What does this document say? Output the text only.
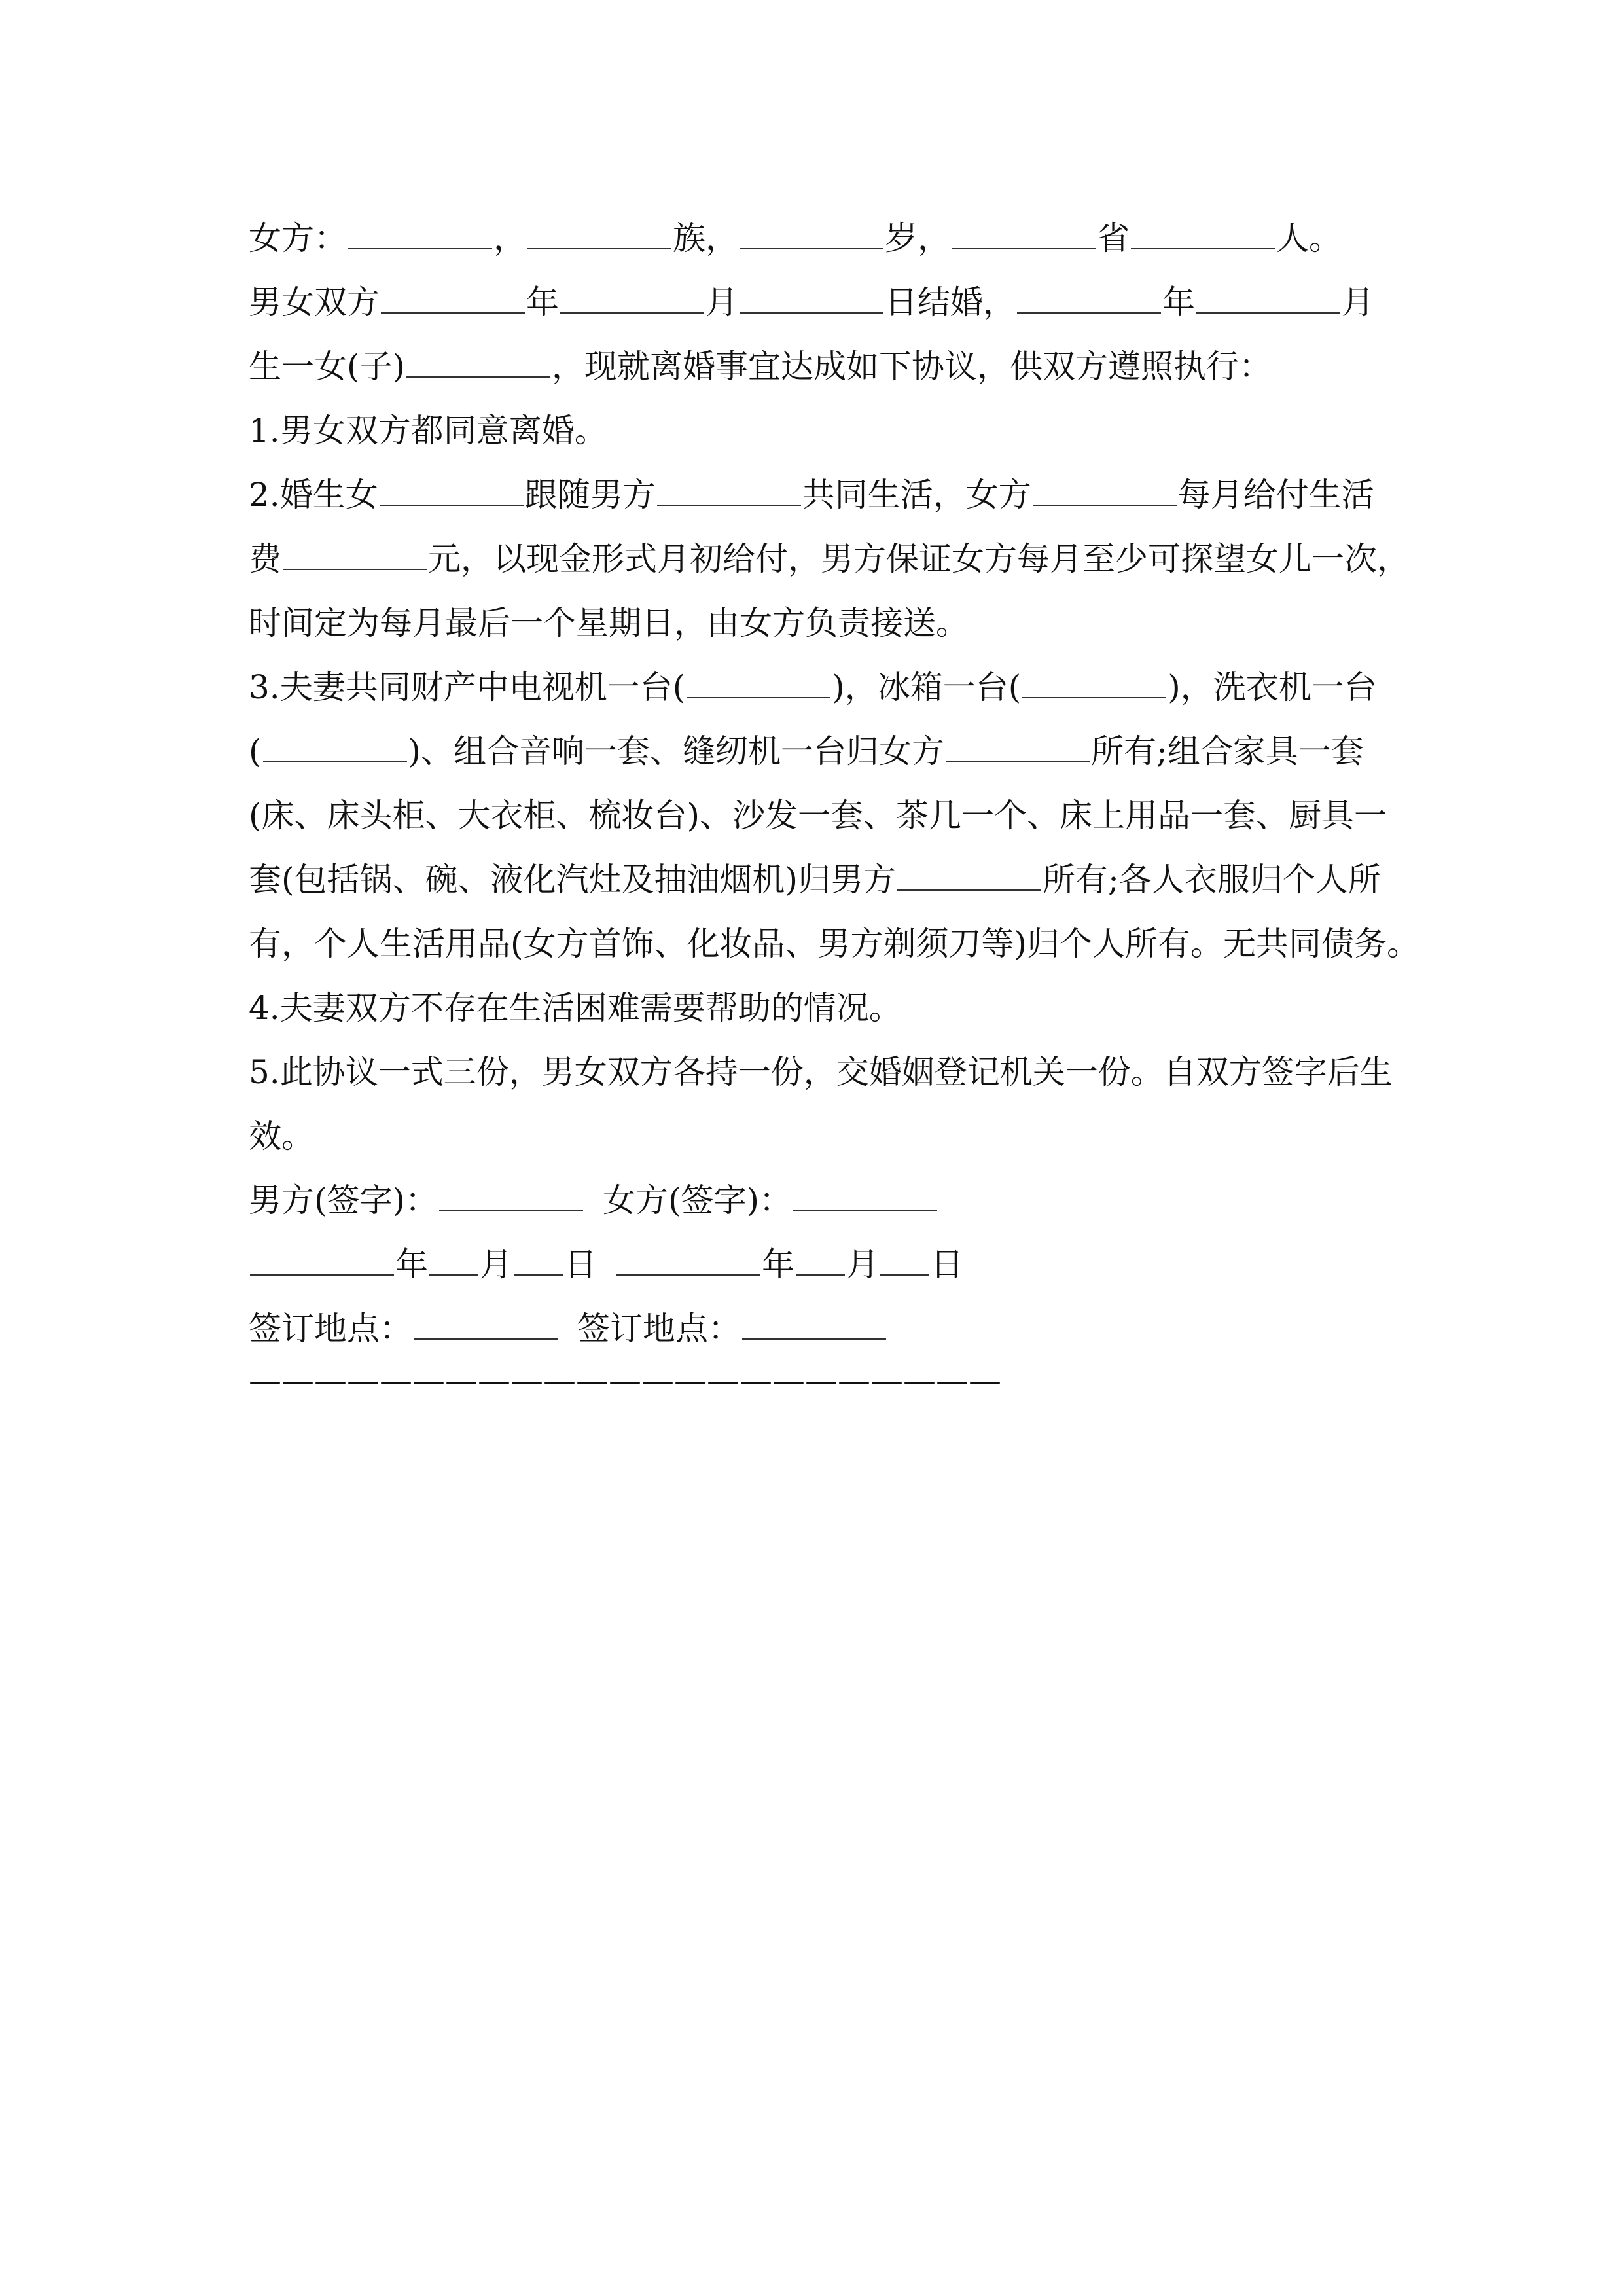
女方：	，	族，	岁，	省	人。
男女双方	年	月	日结婚，	年	月
生一女(子)	，现就离婚事宜达成如下协议，供双方遵照执行：
1.男女双方都同意离婚。
2.婚生女	跟随男方	共同生活，女方	每月给付生活
费	元，以现金形式月初给付，男方保证女方每月至少可探望女儿一次，
时间定为每月最后一个星期日，由女方负责接送。
3.夫妻共同财产中电视机一台(	)，冰箱一台(	)，洗衣机一台
(	)、组合音响一套、缝纫机一台归女方	所有;组合家具一套
(床、床头柜、大衣柜、梳妆台)、沙发一套、茶几一个、床上用品一套、厨具一
套(包括锅、碗、液化汽灶及抽油烟机)归男方	所有;各人衣服归个人所
有，个人生活用品(女方首饰、化妆品、男方剃须刀等)归个人所有。无共同债务。
4.夫妻双方不存在生活困难需要帮助的情况。
5.此协议一式三份，男女双方各持一份，交婚姻登记机关一份。自双方签字后生
效。
男方(签字)：	女方(签字)：
年 月 日	年 月 日
签订地点：	签订地点：
———————————————————————
